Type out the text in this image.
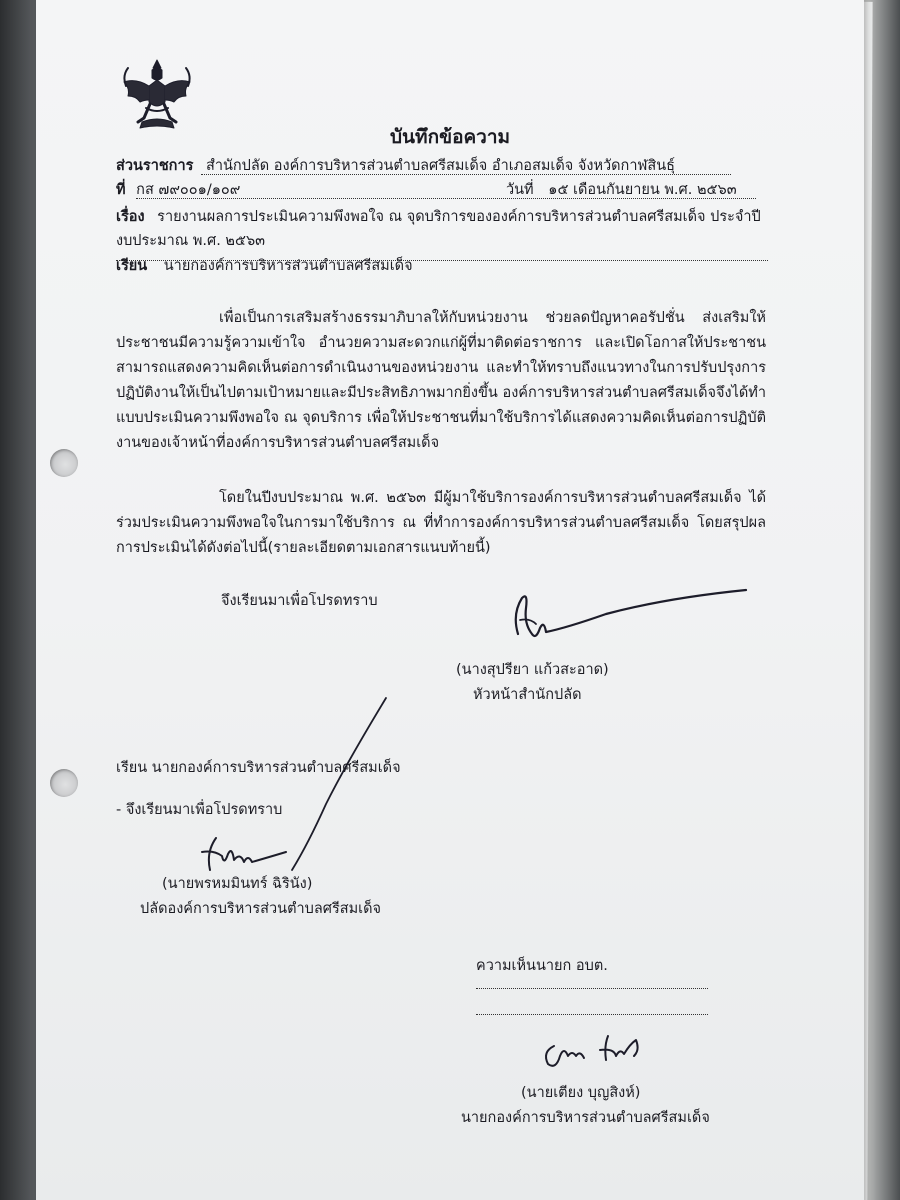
บันทึกข้อความ
ส่วนราชการ สำนักปลัด องค์การบริหารส่วนตำบลศรีสมเด็จ อำเภอสมเด็จ จังหวัดกาฬสินธุ์
ที่ กส ๗๙๐๐๑/๑๐๙	วันที่ ๑๕ เดือนกันยายน พ.ศ. ๒๕๖๓
เรื่อง รายงานผลการประเมินความพึงพอใจ ณ จุดบริการขององค์การบริหารส่วนตำบลศรีสมเด็จ ประจำปี
งบประมาณ พ.ศ. ๒๕๖๓
เรียน นายกองค์การบริหารส่วนตำบลศรีสมเด็จ
เพื่อเป็นการเสริมสร้างธรรมาภิบาลให้กับหน่วยงาน ช่วยลดปัญหาคอรัปชั่น ส่งเสริมให้ประชาชนมีความรู้ความเข้าใจ อำนวยความสะดวกแก่ผู้ที่มาติดต่อราชการ และเปิดโอกาสให้ประชาชนสามารถแสดงความคิดเห็นต่อการดำเนินงานของหน่วยงาน และทำให้ทราบถึงแนวทางในการปรับปรุงการปฏิบัติงานให้เป็นไปตามเป้าหมายและมีประสิทธิภาพมากยิ่งขึ้น องค์การบริหารส่วนตำบลศรีสมเด็จจึงได้ทำแบบประเมินความพึงพอใจ ณ จุดบริการ เพื่อให้ประชาชนที่มาใช้บริการได้แสดงความคิดเห็นต่อการปฏิบัติงานของเจ้าหน้าที่องค์การบริหารส่วนตำบลศรีสมเด็จ
โดยในปีงบประมาณ พ.ศ. ๒๕๖๓ มีผู้มาใช้บริการองค์การบริหารส่วนตำบลศรีสมเด็จ ได้ร่วมประเมินความพึงพอใจในการมาใช้บริการ ณ ที่ทำการองค์การบริหารส่วนตำบลศรีสมเด็จ โดยสรุปผลการประเมินได้ดังต่อไปนี้(รายละเอียดตามเอกสารแนบท้ายนี้)
จึงเรียนมาเพื่อโปรดทราบ
(นางสุปรียา แก้วสะอาด)
หัวหน้าสำนักปลัด
เรียน นายกองค์การบริหารส่วนตำบลศรีสมเด็จ
- จึงเรียนมาเพื่อโปรดทราบ
(นายพรหมมินทร์ ฉิรินัง)
ปลัดองค์การบริหารส่วนตำบลศรีสมเด็จ
ความเห็นนายก อบต.
(นายเตียง บุญสิงห์)
นายกองค์การบริหารส่วนตำบลศรีสมเด็จ
